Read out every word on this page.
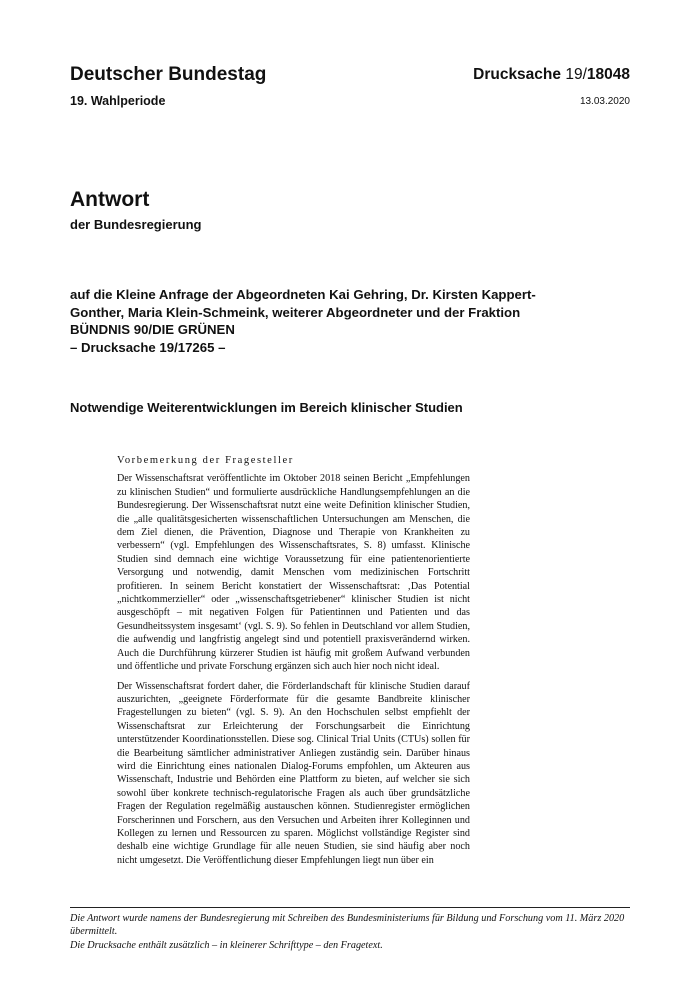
Deutscher Bundestag
19. Wahlperiode
Drucksache 19/18048
13.03.2020
Antwort
der Bundesregierung
auf die Kleine Anfrage der Abgeordneten Kai Gehring, Dr. Kirsten Kappert-
Gonther, Maria Klein-Schmeink, weiterer Abgeordneter und der Fraktion
BÜNDNIS 90/DIE GRÜNEN
– Drucksache 19/17265 –
Notwendige Weiterentwicklungen im Bereich klinischer Studien
Vorbemerkung der Fragesteller

Der Wissenschaftsrat veröffentlichte im Oktober 2018 seinen Bericht „Empfehlungen zu klinischen Studien“ und formulierte ausdrückliche Handlungsempfehlungen an die Bundesregierung. Der Wissenschaftsrat nutzt eine weite Definition klinischer Studien, die „alle qualitätsgesicherten wissenschaftlichen Untersuchungen am Menschen, die dem Ziel dienen, die Prävention, Diagnose und Therapie von Krankheiten zu verbessern“ (vgl. Empfehlungen des Wissenschaftsrates, S. 8) umfasst. Klinische Studien sind demnach eine wichtige Voraussetzung für eine patientenorientierte Versorgung und notwendig, damit Menschen vom medizinischen Fortschritt profitieren. In seinem Bericht konstatiert der Wissenschaftsrat: ‚Das Potential „nichtkommerzieller“ oder „wissenschaftsgetriebener“ klinischer Studien ist nicht ausgeschöpft – mit negativen Folgen für Patientinnen und Patienten und das Gesundheitssystem insgesamt‘ (vgl. S. 9). So fehlen in Deutschland vor allem Studien, die aufwendig und langfristig angelegt sind und potentiell praxisverändernd wirken. Auch die Durchführung kürzerer Studien ist häufig mit großem Aufwand verbunden und öffentliche und private Forschung ergänzen sich auch hier noch nicht ideal.

Der Wissenschaftsrat fordert daher, die Förderlandschaft für klinische Studien darauf auszurichten, „geeignete Förderformate für die gesamte Bandbreite klinischer Fragestellungen zu bieten“ (vgl. S. 9). An den Hochschulen selbst empfiehlt der Wissenschaftsrat zur Erleichterung der Forschungsarbeit die Einrichtung unterstützender Koordinationsstellen. Diese sog. Clinical Trial Units (CTUs) sollen für die Bearbeitung sämtlicher administrativer Anliegen zuständig sein. Darüber hinaus wird die Einrichtung eines nationalen Dialog-Forums empfohlen, um Akteuren aus Wissenschaft, Industrie und Behörden eine Plattform zu bieten, auf welcher sie sich sowohl über konkrete technisch-regulatorische Fragen als auch über grundsätzliche Fragen der Regulation regelmäßig austauschen können. Studienregister ermöglichen Forscherinnen und Forschern, aus den Versuchen und Arbeiten ihrer Kolleginnen und Kollegen zu lernen und Ressourcen zu sparen. Möglichst vollständige Register sind deshalb eine wichtige Grundlage für alle neuen Studien, sie sind häufig aber noch nicht umgesetzt. Die Veröffentlichung dieser Empfehlungen liegt nun über ein

Die Antwort wurde namens der Bundesregierung mit Schreiben des Bundesministeriums für Bildung und Forschung vom 11. März 2020 übermittelt.

Die Drucksache enthält zusätzlich – in kleinerer Schrifttype – den Fragetext.
